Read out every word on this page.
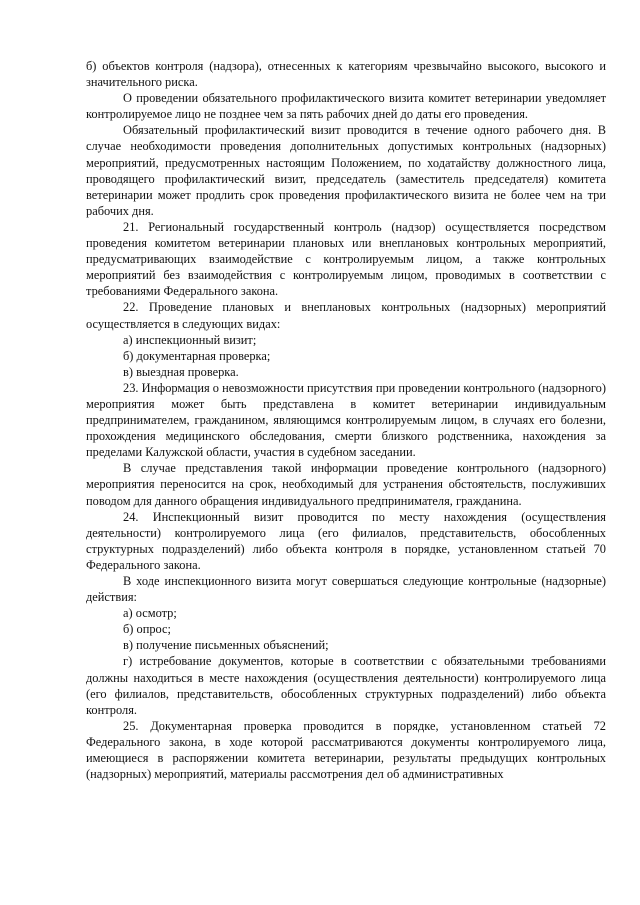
б) объектов контроля (надзора), отнесенных к категориям чрезвычайно высокого, высокого и значительного риска.

О проведении обязательного профилактического визита комитет ветеринарии уведомляет контролируемое лицо не позднее чем за пять рабочих дней до даты его проведения.

Обязательный профилактический визит проводится в течение одного рабочего дня. В случае необходимости проведения дополнительных допустимых контрольных (надзорных) мероприятий, предусмотренных настоящим Положением, по ходатайству должностного лица, проводящего профилактический визит, председатель (заместитель председателя) комитета ветеринарии может продлить срок проведения профилактического визита не более чем на три рабочих дня.

21. Региональный государственный контроль (надзор) осуществляется посредством проведения комитетом ветеринарии плановых или внеплановых контрольных мероприятий, предусматривающих взаимодействие с контролируемым лицом, а также контрольных мероприятий без взаимодействия с контролируемым лицом, проводимых в соответствии с требованиями Федерального закона.

22. Проведение плановых и внеплановых контрольных (надзорных) мероприятий осуществляется в следующих видах:

а) инспекционный визит;

б) документарная проверка;

в) выездная проверка.

23. Информация о невозможности присутствия при проведении контрольного (надзорного) мероприятия может быть представлена в комитет ветеринарии индивидуальным предпринимателем, гражданином, являющимся контролируемым лицом, в случаях его болезни, прохождения медицинского обследования, смерти близкого родственника, нахождения за пределами Калужской области, участия в судебном заседании.

В случае представления такой информации проведение контрольного (надзорного) мероприятия переносится на срок, необходимый для устранения обстоятельств, послуживших поводом для данного обращения индивидуального предпринимателя, гражданина.

24. Инспекционный визит проводится по месту нахождения (осуществления деятельности) контролируемого лица (его филиалов, представительств, обособленных структурных подразделений) либо объекта контроля в порядке, установленном статьей 70 Федерального закона.

В ходе инспекционного визита могут совершаться следующие контрольные (надзорные) действия:

а) осмотр;

б) опрос;

в) получение письменных объяснений;

г) истребование документов, которые в соответствии с обязательными требованиями должны находиться в месте нахождения (осуществления деятельности) контролируемого лица (его филиалов, представительств, обособленных структурных подразделений) либо объекта контроля.

25. Документарная проверка проводится в порядке, установленном статьей 72 Федерального закона, в ходе которой рассматриваются документы контролируемого лица, имеющиеся в распоряжении комитета ветеринарии, результаты предыдущих контрольных (надзорных) мероприятий, материалы рассмотрения дел об административных
